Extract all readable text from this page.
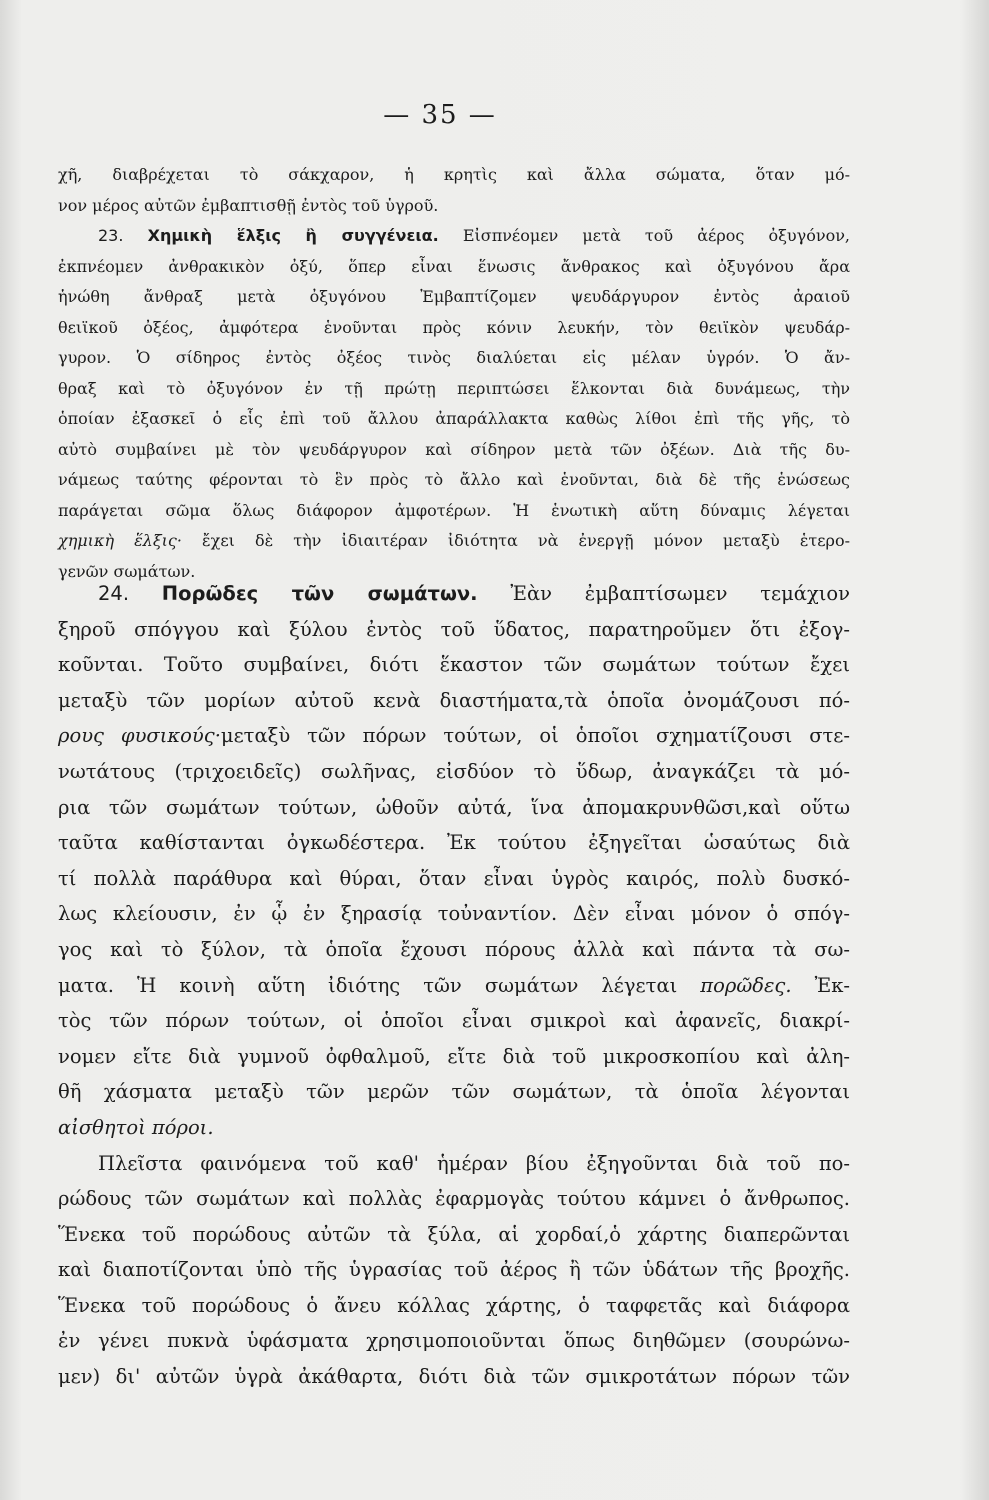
— 35 —
χῆ, διαβρέχεται τὸ σάκχαρον, ἡ κρητὶς καὶ ἄλλα σώματα, ὅταν μό-
νον μέρος αὐτῶν ἐμβαπτισθῇ ἐντὸς τοῦ ὑγροῦ.
23. Χημικὴ ἕλξις ἢ συγγένεια. Εἰσπνέομεν μετὰ τοῦ ἀέρος ὀξυγόνον,
ἐκπνέομεν ἀνθρακικὸν ὀξύ, ὅπερ εἶναι ἕνωσις ἄνθρακος καὶ ὀξυγόνου ἄρα
ἡνώθη ἄνθραξ μετὰ ὀξυγόνου Ἐμβαπτίζομεν ψευδάργυρον ἐντὸς ἀραιοῦ
θειϊκοῦ ὀξέος, ἀμφότερα ἑνοῦνται πρὸς κόνιν λευκήν, τὸν θειϊκὸν ψευδάρ-
γυρον. Ὁ σίδηρος ἐντὸς ὀξέος τινὸς διαλύεται εἰς μέλαν ὑγρόν. Ὁ ἄν-
θραξ καὶ τὸ ὀξυγόνον ἐν τῇ πρώτῃ περιπτώσει ἕλκονται διὰ δυνάμεως, τὴν
ὁποίαν ἐξασκεῖ ὁ εἷς ἐπὶ τοῦ ἄλλου ἀπαράλλακτα καθὼς λίθοι ἐπὶ τῆς γῆς, τὸ
αὐτὸ συμβαίνει μὲ τὸν ψευδάργυρον καὶ σίδηρον μετὰ τῶν ὀξέων. Διὰ τῆς δυ-
νάμεως ταύτης φέρονται τὸ ἓν πρὸς τὸ ἄλλο καὶ ἑνοῦνται, διὰ δὲ τῆς ἑνώσεως
παράγεται σῶμα ὅλως διάφορον ἀμφοτέρων. Ἡ ἑνωτικὴ αὕτη δύναμις λέγεται
χημικὴ ἕλξις· ἔχει δὲ τὴν ἰδιαιτέραν ἰδιότητα νὰ ἐνεργῇ μόνον μεταξὺ ἑτερο-
γενῶν σωμάτων.
24. Πορῶδες τῶν σωμάτων. Ἐὰν ἐμβαπτίσωμεν τεμάχιον
ξηροῦ σπόγγου καὶ ξύλου ἐντὸς τοῦ ὕδατος, παρατηροῦμεν ὅτι ἐξογ-
κοῦνται. Τοῦτο συμβαίνει, διότι ἕκαστον τῶν σωμάτων τούτων ἔχει
μεταξὺ τῶν μορίων αὐτοῦ κενὰ διαστήματα,τὰ ὁποῖα ὀνομάζουσι πό-
ρους φυσικούς·μεταξὺ τῶν πόρων τούτων, οἱ ὁποῖοι σχηματίζουσι στε-
νωτάτους (τριχοειδεῖς) σωλῆνας, εἰσδύον τὸ ὕδωρ, ἀναγκάζει τὰ μό-
ρια τῶν σωμάτων τούτων, ὠθοῦν αὐτά, ἵνα ἀπομακρυνθῶσι,καὶ οὕτω
ταῦτα καθίστανται ὀγκωδέστερα. Ἐκ τούτου ἐξηγεῖται ὡσαύτως διὰ
τί πολλὰ παράθυρα καὶ θύραι, ὅταν εἶναι ὑγρὸς καιρός, πολὺ δυσκό-
λως κλείουσιν, ἐν ᾧ ἐν ξηρασίᾳ τοὐναντίον. Δὲν εἶναι μόνον ὁ σπόγ-
γος καὶ τὸ ξύλον, τὰ ὁποῖα ἔχουσι πόρους ἀλλὰ καὶ πάντα τὰ σω-
ματα. Ἡ κοινὴ αὕτη ἰδιότης τῶν σωμάτων λέγεται πορῶδες. Ἐκ-
τὸς τῶν πόρων τούτων, οἱ ὁποῖοι εἶναι σμικροὶ καὶ ἀφανεῖς, διακρί-
νομεν εἴτε διὰ γυμνοῦ ὀφθαλμοῦ, εἴτε διὰ τοῦ μικροσκοπίου καὶ ἀλη-
θῆ χάσματα μεταξὺ τῶν μερῶν τῶν σωμάτων, τὰ ὁποῖα λέγονται
αἰσθητοὶ πόροι.
Πλεῖστα φαινόμενα τοῦ καθ' ἡμέραν βίου ἐξηγοῦνται διὰ τοῦ πο-
ρώδους τῶν σωμάτων καὶ πολλὰς ἐφαρμογὰς τούτου κάμνει ὁ ἄνθρωπος.
Ἕνεκα τοῦ πορώδους αὐτῶν τὰ ξύλα, αἱ χορδαί,ὁ χάρτης διαπερῶνται
καὶ διαποτίζονται ὑπὸ τῆς ὑγρασίας τοῦ ἀέρος ἢ τῶν ὑδάτων τῆς βροχῆς.
Ἕνεκα τοῦ πορώδους ὁ ἄνευ κόλλας χάρτης, ὁ ταφφετᾶς καὶ διάφορα
ἐν γένει πυκνὰ ὑφάσματα χρησιμοποιοῦνται ὅπως διηθῶμεν (σουρώνω-
μεν) δι' αὐτῶν ὑγρὰ ἀκάθαρτα, διότι διὰ τῶν σμικροτάτων πόρων τῶν
